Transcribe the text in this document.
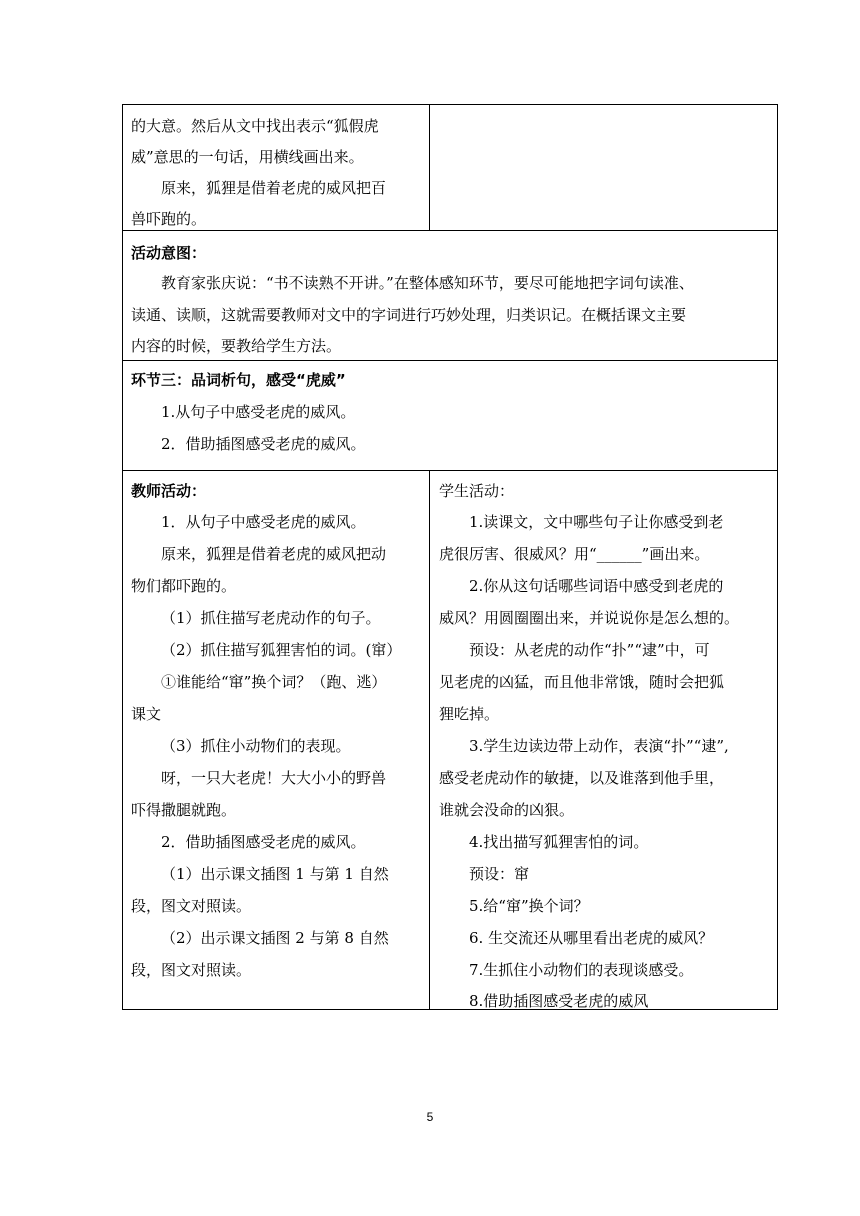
的大意。然后从文中找出表示“狐假虎
威”意思的一句话，用横线画出来。
原来，狐狸是借着老虎的威风把百
兽吓跑的。
活动意图：
教育家张庆说：“书不读熟不开讲。”在整体感知环节，要尽可能地把字词句读准、
读通、读顺，这就需要教师对文中的字词进行巧妙处理，归类识记。在概括课文主要
内容的时候，要教给学生方法。
环节三：品词析句，感受“虎威”
1.从句子中感受老虎的威风。
2．借助插图感受老虎的威风。
教师活动：
1．从句子中感受老虎的威风。
原来，狐狸是借着老虎的威风把动
物们都吓跑的。
（1）抓住描写老虎动作的句子。
（2）抓住描写狐狸害怕的词。(窜）
①谁能给“窜”换个词？（跑、逃）
课文
（3）抓住小动物们的表现。
呀，一只大老虎！大大小小的野兽
吓得撒腿就跑。
2．借助插图感受老虎的威风。
（1）出示课文插图 1 与第 1 自然
段，图文对照读。
（2）出示课文插图 2 与第 8 自然
段，图文对照读。
学生活动：
1.读课文，文中哪些句子让你感受到老
虎很厉害、很威风？用“______”画出来。
2.你从这句话哪些词语中感受到老虎的
威风？用圆圈圈出来，并说说你是怎么想的。
预设：从老虎的动作“扑”“逮”中，可
见老虎的凶猛，而且他非常饿，随时会把狐
狸吃掉。
3.学生边读边带上动作，表演“扑”“逮”,
感受老虎动作的敏捷，以及谁落到他手里，
谁就会没命的凶狠。
4.找出描写狐狸害怕的词。
预设：窜
5.给“窜”换个词？
6. 生交流还从哪里看出老虎的威风？
7.生抓住小动物们的表现谈感受。
8.借助插图感受老虎的威风
5
